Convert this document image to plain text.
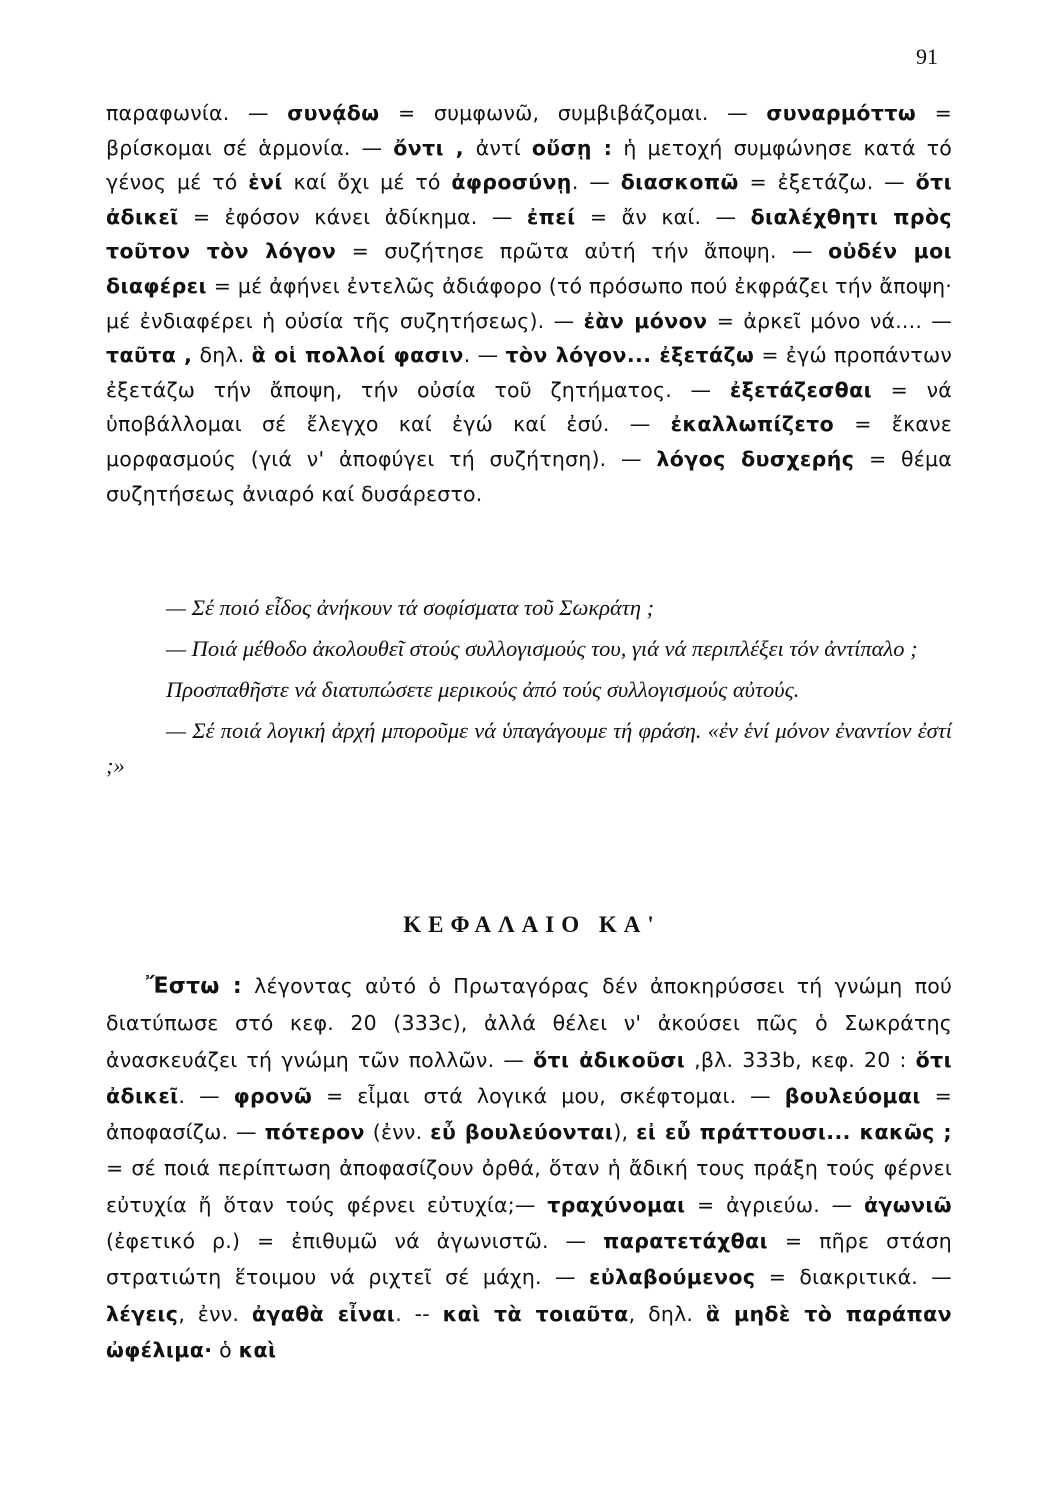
91
παραφωνία. — συνᾴδω = συμφωνῶ, συμβιβάζομαι. — συναρμόττω = βρίσκομαι σέ ἁρμονία. — ὄντι , ἀντί οὔσῃ : ἡ μετοχή συμφώνησε κατά τό γένος μέ τό ἑνί καί ὄχι μέ τό ἀφροσύνῃ. — διασκοπῶ = ἐξετάζω. — ὅτι ἀδικεῖ = ἐφόσον κάνει ἀδίκημα. — ἐπεί = ἄν καί. — διαλέχθητι πρὸς τοῦτον τὸν λόγον = συζήτησε πρῶτα αὐτή τήν ἄποψη. — οὐδέν μοι διαφέρει = μέ ἀφήνει ἐντελῶς ἀδιάφορο (τό πρόσωπο πού ἐκφράζει τήν ἄποψη· μέ ἐνδιαφέρει ἡ οὐσία τῆς συζητήσεως). — ἐὰν μόνον = ἀρκεῖ μόνο νά.... — ταῦτα , δηλ. ἃ οἱ πολλοί φασιν. — τὸν λόγον... ἐξετάζω = ἐγώ προπάντων ἐξετάζω τήν ἄποψη, τήν οὐσία τοῦ ζητήματος. — ἐξετάζεσθαι = νά ὑποβάλλομαι σέ ἔλεγχο καί ἐγώ καί ἐσύ. — ἐκαλλωπίζετο = ἔκανε μορφασμούς (γιά ν' ἀποφύγει τή συζήτηση). — λόγος δυσχερής = θέμα συζητήσεως ἀνιαρό καί δυσάρεστο.

— Σέ ποιό εἶδος ἀνήκουν τά σοφίσματα τοῦ Σωκράτη ;

— Ποιά μέθοδο ἀκολουθεῖ στούς συλλογισμούς του, γιά νά περιπλέξει τόν ἀντίπαλο ;

Προσπαθῆστε νά διατυπώσετε μερικούς ἀπό τούς συλλογισμούς αὐτούς.

— Σέ ποιά λογική ἀρχή μποροῦμε νά ὑπαγάγουμε τή φράση. «ἐν ἑνί μόνον ἐναντίον ἐστί ;»

ΚΕΦΑΛΑΙΟ ΚΑ'
Ἔστω : λέγοντας αὐτό ὁ Πρωταγόρας δέν ἀποκηρύσσει τή γνώμη πού διατύπωσε στό κεφ. 20 (333c), ἀλλά θέλει ν' ἀκούσει πῶς ὁ Σωκράτης ἀνασκευάζει τή γνώμη τῶν πολλῶν. — ὅτι ἀδικοῦσι ,βλ. 333b, κεφ. 20 : ὅτι ἀδικεῖ. — φρονῶ = εἶμαι στά λογικά μου, σκέφτομαι. — βουλεύομαι = ἀποφασίζω. — πότερον (ἐνν. εὖ βουλεύονται), εἰ εὖ πράττουσι... κακῶς ; = σέ ποιά περίπτωση ἀποφασίζουν ὀρθά, ὅταν ἡ ἄδική τους πράξη τούς φέρνει εὐτυχία ἤ ὅταν τούς φέρνει εὐτυχία;— τραχύνομαι = ἀγριεύω. — ἀγωνιῶ (ἐφετικό ρ.) = ἐπιθυμῶ νά ἀγωνιστῶ. — παρατετάχθαι = πῆρε στάση στρατιώτη ἕτοιμου νά ριχτεῖ σέ μάχη. — εὐλαβούμενος = διακριτικά. — λέγεις, ἐνν. ἀγαθὰ εἶναι. -- καὶ τὰ τοιαῦτα, δηλ. ἃ μηδὲ τὸ παράπαν ὠφέλιμα· ὁ καὶ
